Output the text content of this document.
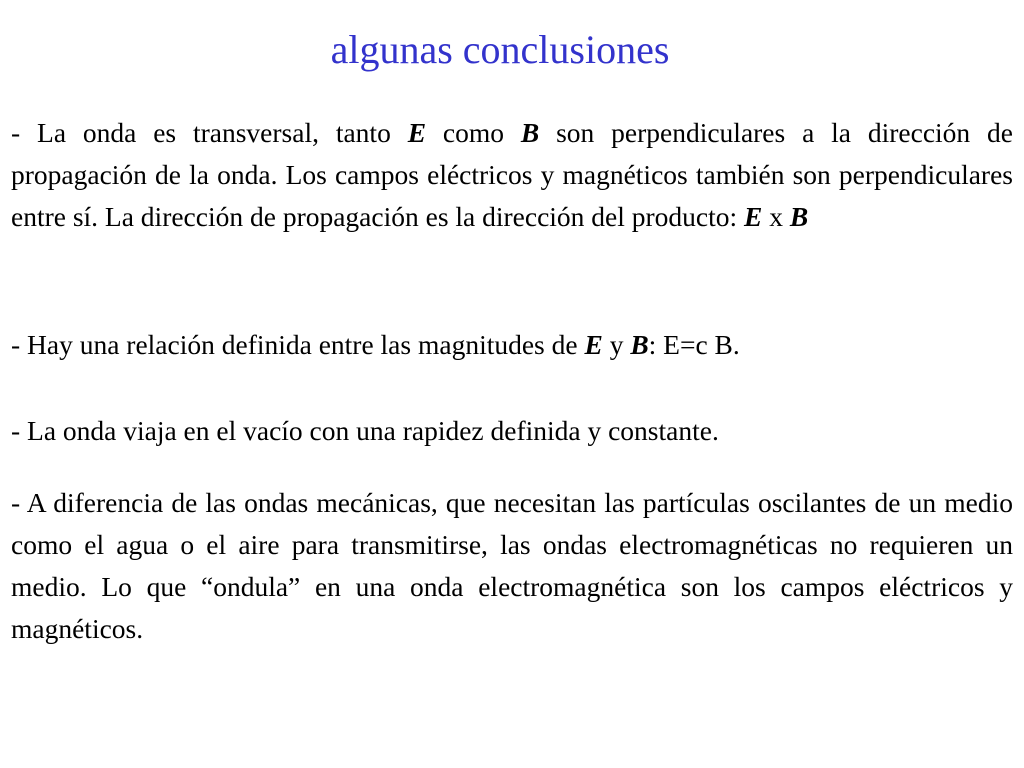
algunas conclusiones
- La onda es transversal, tanto E como B son perpendiculares a la dirección de propagación de la onda. Los campos eléctricos y magnéticos también son perpendiculares entre sí. La dirección de propagación es la dirección del producto: E x B
- Hay una relación definida entre las magnitudes de E y B: E=c B.
- La onda viaja en el vacío con una rapidez definida y constante.
- A diferencia de las ondas mecánicas, que necesitan las partículas oscilantes de un medio como el agua o el aire para transmitirse, las ondas electromagnéticas no requieren un medio. Lo que “ondula” en una onda electromagnética son los campos eléctricos y magnéticos.
